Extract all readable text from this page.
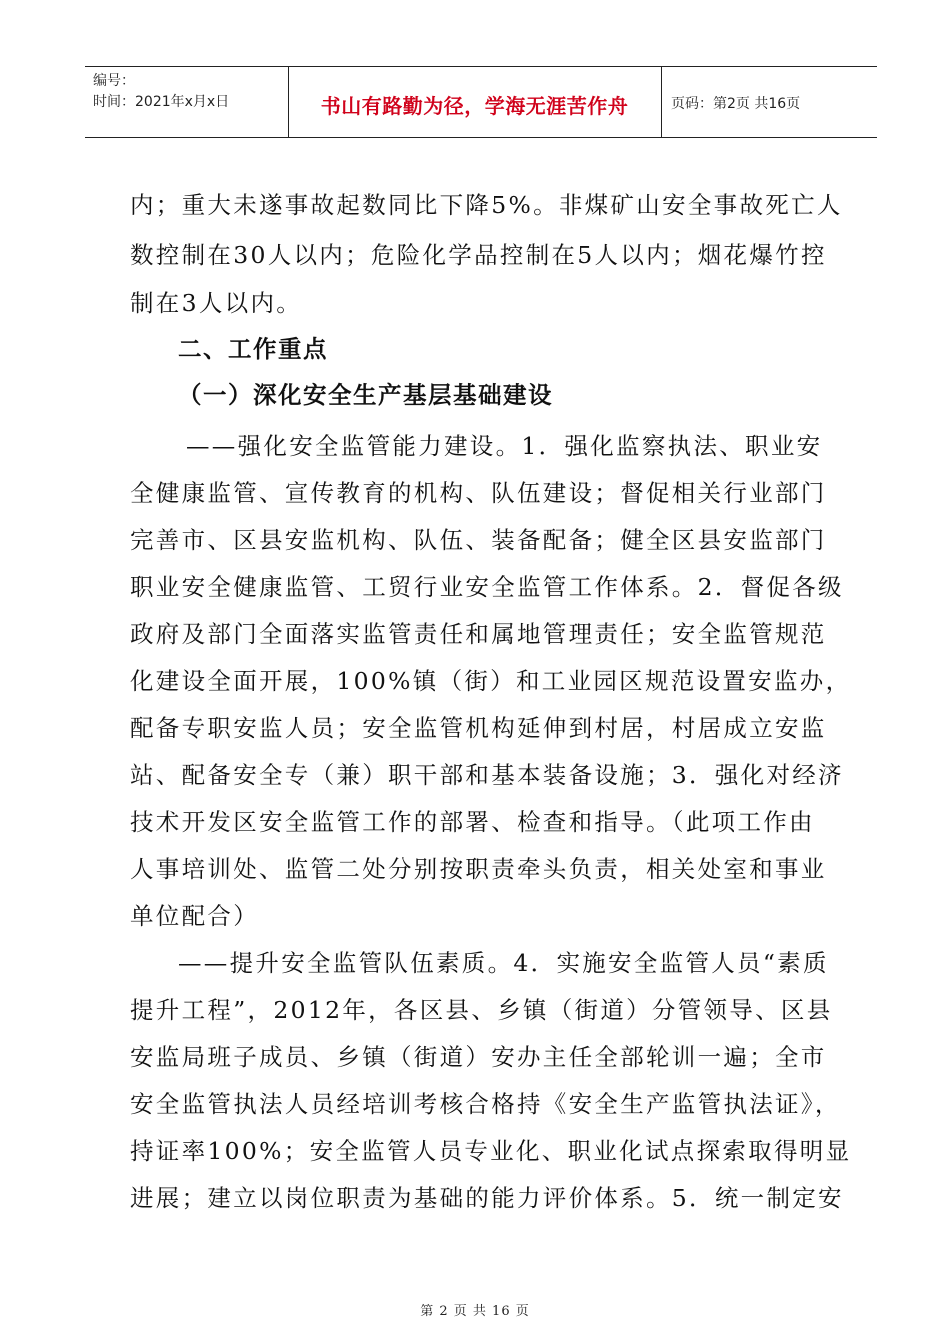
编号：
时间：2021年x月x日	书山有路勤为径，学海无涯苦作舟	页码：第2页 共16页
内；重大未遂事故起数同比下降5%。非煤矿山安全事故死亡人
数控制在30人以内；危险化学品控制在5人以内；烟花爆竹控
制在3人以内。
二、工作重点
（一）深化安全生产基层基础建设
——强化安全监管能力建设。1．强化监察执法、职业安
全健康监管、宣传教育的机构、队伍建设；督促相关行业部门
完善市、区县安监机构、队伍、装备配备；健全区县安监部门
职业安全健康监管、工贸行业安全监管工作体系。2．督促各级
政府及部门全面落实监管责任和属地管理责任；安全监管规范
化建设全面开展，100%镇（街）和工业园区规范设置安监办，
配备专职安监人员；安全监管机构延伸到村居，村居成立安监
站、配备安全专（兼）职干部和基本装备设施；3．强化对经济
技术开发区安全监管工作的部署、检查和指导。（此项工作由
人事培训处、监管二处分别按职责牵头负责，相关处室和事业
单位配合）
——提升安全监管队伍素质。4．实施安全监管人员“素质
提升工程”，2012年，各区县、乡镇（街道）分管领导、区县
安监局班子成员、乡镇（街道）安办主任全部轮训一遍；全市
安全监管执法人员经培训考核合格持《安全生产监管执法证》，
持证率100%；安全监管人员专业化、职业化试点探索取得明显
进展；建立以岗位职责为基础的能力评价体系。5．统一制定安
第 2 页 共 16 页
